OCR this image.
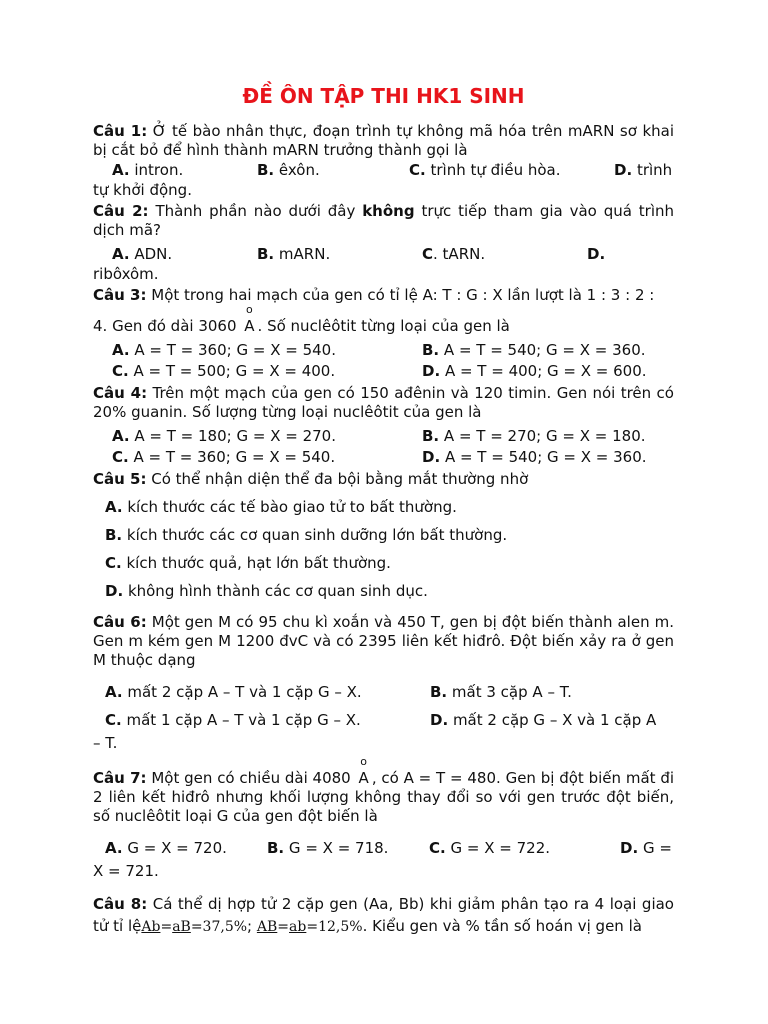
ĐỀ ÔN TẬP THI HK1 SINH

Câu 1: Ở tế bào nhân thực, đoạn trình tự không mã hóa trên mARN sơ khai bị cắt bỏ để hình thành mARN trưởng thành gọi là

A. intron.	B. êxôn.	C. trình tự điều hòa.	D. trình

tự khởi động.

Câu 2: Thành phần nào dưới đây không trực tiếp tham gia vào quá trình dịch mã?

A. ADN.	B. mARN.	C. tARN.	D.

ribôxôm.

Câu 3: Một trong hai mạch của gen có tỉ lệ A: T : G : X lần lượt là 1 : 3 : 2 :

4. Gen đó dài 3060
o
A . Số nuclêôtit từng loại của gen là

A. A = T = 360; G = X = 540.	B. A = T = 540; G = X = 360.
C. A = T = 500; G = X = 400.	D. A = T = 400; G = X = 600.

Câu 4: Trên một mạch của gen có 150 ađênin và 120 timin. Gen nói trên có 20% guanin. Số lượng từng loại nuclêôtit của gen là

A. A = T = 180; G = X = 270.	B. A = T = 270; G = X = 180.
C. A = T = 360; G = X = 540.	D. A = T = 540; G = X = 360.

Câu 5: Có thể nhận diện thể đa bội bằng mắt thường nhờ

A. kích thước các tế bào giao tử to bất thường.
B. kích thước các cơ quan sinh dưỡng lớn bất thường.
C. kích thước quả, hạt lớn bất thường.
D. không hình thành các cơ quan sinh dục.

Câu 6: Một gen M có 95 chu kì xoắn và 450 T, gen bị đột biến thành alen m. Gen m kém gen M 1200 đvC và có 2395 liên kết hiđrô. Đột biến xảy ra ở gen M thuộc dạng

A. mất 2 cặp A – T và 1 cặp G – X.	B. mất 3 cặp A – T.
C. mất 1 cặp A – T và 1 cặp G – X.	D. mất 2 cặp G – X và 1 cặp A

– T.

Câu 7: Một gen có chiều dài 4080
o
A , có A = T = 480. Gen bị đột biến mất đi 2 liên kết hiđrô nhưng khối lượng không thay đổi so với gen trước đột biến, số nuclêôtit loại G của gen đột biến là

A. G = X = 720.	B. G = X = 718.	C. G = X = 722.	D. G =

X = 721.

Câu 8: Cá thể dị hợp tử 2 cặp gen (Aa, Bb) khi giảm phân tạo ra 4 loại giao tử tỉ lệAb=aB=37,5%; AB=ab=12,5%. Kiểu gen và % tần số hoán vị gen là
